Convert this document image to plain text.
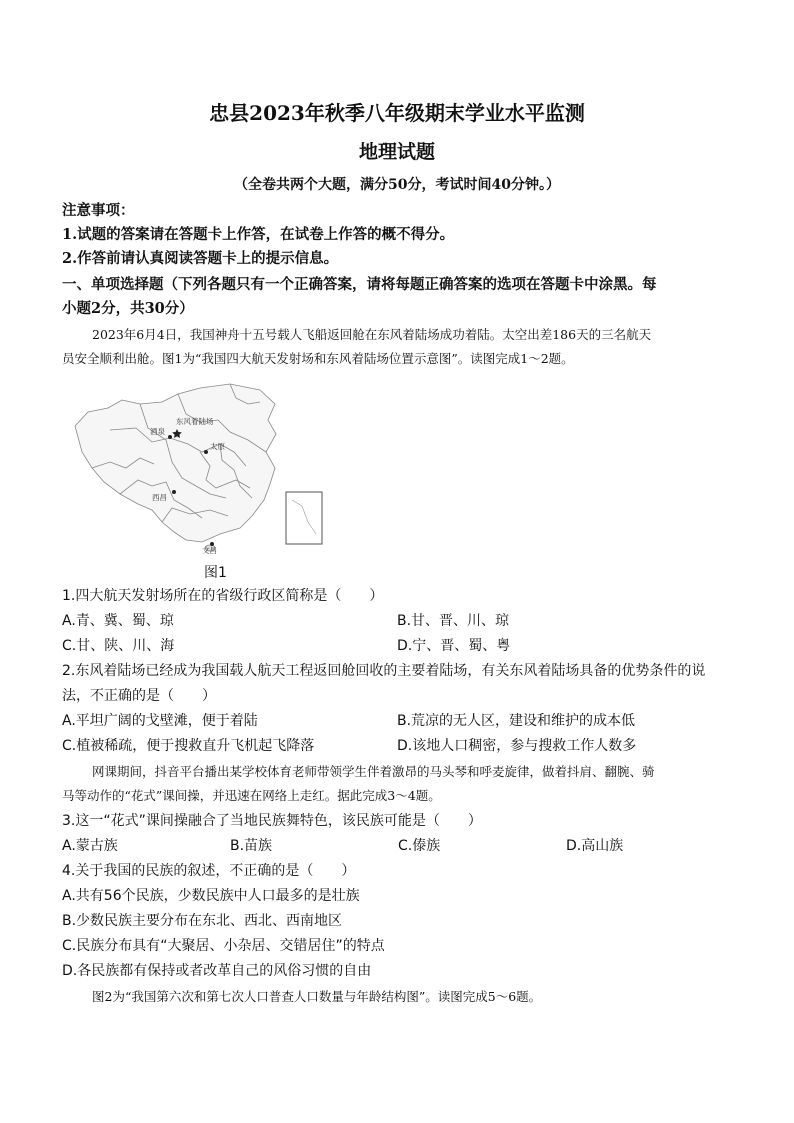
忠县2023年秋季八年级期末学业水平监测
地理试题
（全卷共两个大题，满分50分，考试时间40分钟。）
注意事项：
1.试题的答案请在答题卡上作答，在试卷上作答的概不得分。
2.作答前请认真阅读答题卡上的提示信息。
一、单项选择题（下列各题只有一个正确答案，请将每题正确答案的选项在答题卡中涂黑。每
小题2分，共30分）
2023年6月4日，我国神舟十五号载人飞船返回舱在东风着陆场成功着陆。太空出差186天的三名航天
员安全顺利出舱。图1为“我国四大航天发射场和东风着陆场位置示意图”。读图完成1～2题。
酒泉
东风着陆场
太原
西昌
文昌
图1
1.四大航天发射场所在的省级行政区简称是（　　）
A.青、冀、蜀、琼	B.甘、晋、川、琼
C.甘、陕、川、海	D.宁、晋、蜀、粤
2.东风着陆场已经成为我国载人航天工程返回舱回收的主要着陆场，有关东风着陆场具备的优势条件的说
法，不正确的是（　　）
A.平坦广阔的戈壁滩，便于着陆	B.荒凉的无人区，建设和维护的成本低
C.植被稀疏，便于搜救直升飞机起飞降落	D.该地人口稠密，参与搜救工作人数多
网课期间，抖音平台播出某学校体育老师带领学生伴着激昂的马头琴和呼麦旋律，做着抖肩、翻腕、骑
马等动作的“花式”课间操，并迅速在网络上走红。据此完成3～4题。
3.这一“花式”课间操融合了当地民族舞特色，该民族可能是（　　）
A.蒙古族	B.苗族	C.傣族	D.高山族
4.关于我国的民族的叙述，不正确的是（　　）
A.共有56个民族，少数民族中人口最多的是壮族
B.少数民族主要分布在东北、西北、西南地区
C.民族分布具有“大聚居、小杂居、交错居住”的特点
D.各民族都有保持或者改革自己的风俗习惯的自由
图2为“我国第六次和第七次人口普查人口数量与年龄结构图”。读图完成5～6题。
